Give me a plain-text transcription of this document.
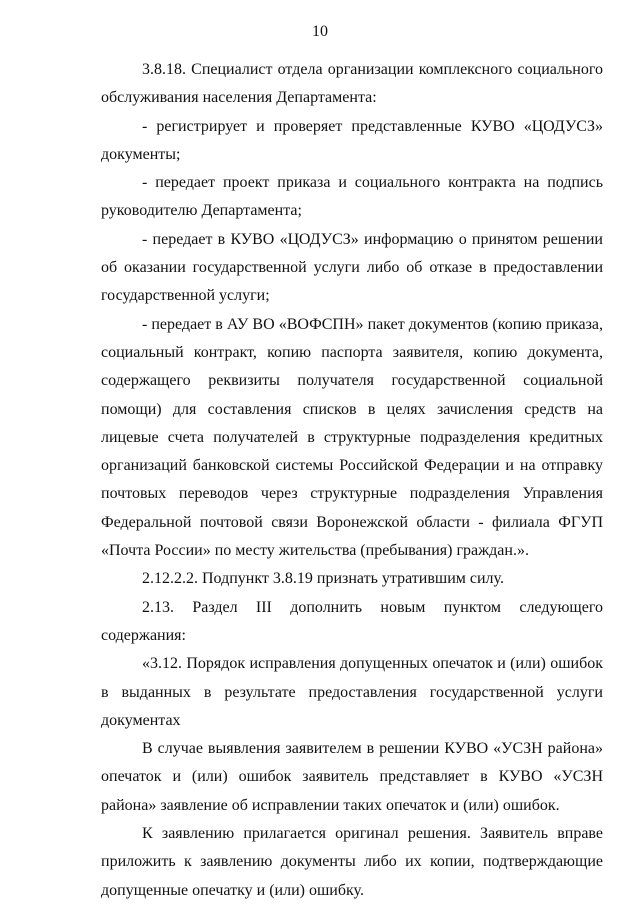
10

3.8.18. Специалист отдела организации комплексного социального обслуживания населения Департамента:

- регистрирует и проверяет представленные КУВО «ЦОДУСЗ» документы;

- передает проект приказа и социального контракта на подпись руководителю Департамента;

- передает в КУВО «ЦОДУСЗ» информацию о принятом решении об оказании государственной услуги либо об отказе в предоставлении государственной услуги;

- передает в АУ ВО «ВОФСПН» пакет документов (копию приказа, социальный контракт, копию паспорта заявителя, копию документа, содержащего реквизиты получателя государственной социальной помощи) для составления списков в целях зачисления средств на лицевые счета получателей в структурные подразделения кредитных организаций банковской системы Российской Федерации и на отправку почтовых переводов через структурные подразделения Управления Федеральной почтовой связи Воронежской области - филиала ФГУП «Почта России» по месту жительства (пребывания) граждан.».

2.12.2.2. Подпункт 3.8.19 признать утратившим силу.

2.13. Раздел III дополнить новым пунктом следующего содержания:

«3.12. Порядок исправления допущенных опечаток и (или) ошибок в выданных в результате предоставления государственной услуги документах

В случае выявления заявителем в решении КУВО «УСЗН района» опечаток и (или) ошибок заявитель представляет в КУВО «УСЗН района» заявление об исправлении таких опечаток и (или) ошибок.

К заявлению прилагается оригинал решения. Заявитель вправе приложить к заявлению документы либо их копии, подтверждающие допущенные опечатку и (или) ошибку.
